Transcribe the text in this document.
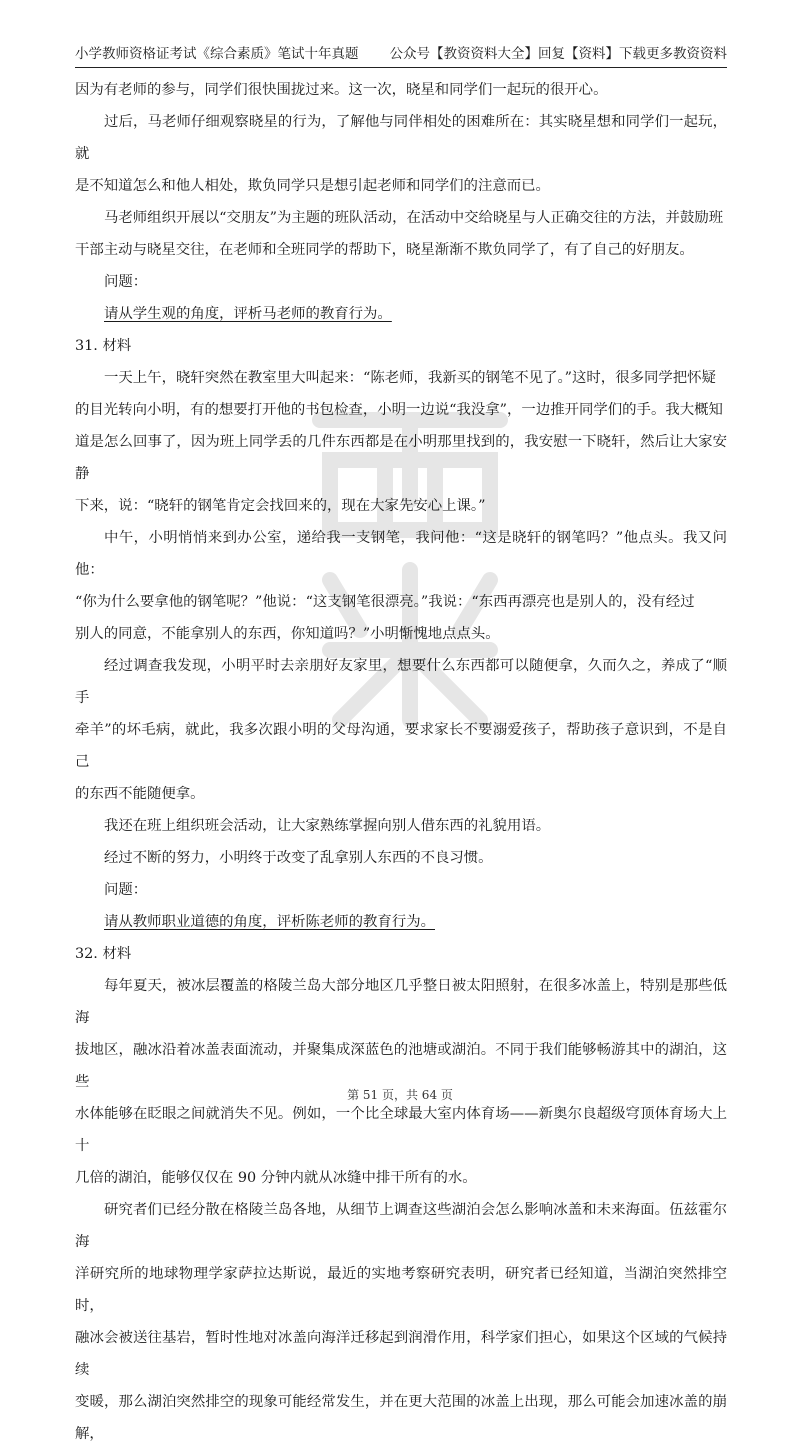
小学教师资格证考试《综合素质》笔试十年真题 公众号【教资资料大全】回复【资料】下载更多教资资料

因为有老师的参与，同学们很快围拢过来。这一次，晓星和同学们一起玩的很开心。

过后，马老师仔细观察晓星的行为，了解他与同伴相处的困难所在：其实晓星想和同学们一起玩，就

是不知道怎么和他人相处，欺负同学只是想引起老师和同学们的注意而已。

马老师组织开展以“交朋友”为主题的班队活动，在活动中交给晓星与人正确交往的方法，并鼓励班

干部主动与晓星交往，在老师和全班同学的帮助下，晓星渐渐不欺负同学了，有了自己的好朋友。

问题：

请从学生观的角度，评析马老师的教育行为。

31. 材料

一天上午，晓轩突然在教室里大叫起来：“陈老师，我新买的钢笔不见了。”这时，很多同学把怀疑

的目光转向小明，有的想要打开他的书包检查，小明一边说“我没拿”，一边推开同学们的手。我大概知

道是怎么回事了，因为班上同学丢的几件东西都是在小明那里找到的，我安慰一下晓轩，然后让大家安静

下来，说：“晓轩的钢笔肯定会找回来的，现在大家先安心上课。”

中午，小明悄悄来到办公室，递给我一支钢笔，我问他：“这是晓轩的钢笔吗？”他点头。我又问他：

“你为什么要拿他的钢笔呢？”他说：“这支钢笔很漂亮。”我说：“东西再漂亮也是别人的，没有经过

别人的同意，不能拿别人的东西，你知道吗？”小明惭愧地点点头。

经过调查我发现，小明平时去亲朋好友家里，想要什么东西都可以随便拿，久而久之，养成了“顺手

牵羊”的坏毛病，就此，我多次跟小明的父母沟通，要求家长不要溺爱孩子，帮助孩子意识到，不是自己

的东西不能随便拿。

我还在班上组织班会活动，让大家熟练掌握向别人借东西的礼貌用语。

经过不断的努力，小明终于改变了乱拿别人东西的不良习惯。

问题：

请从教师职业道德的角度，评析陈老师的教育行为。

32. 材料

每年夏天，被冰层覆盖的格陵兰岛大部分地区几乎整日被太阳照射，在很多冰盖上，特别是那些低海

拔地区，融冰沿着冰盖表面流动，并聚集成深蓝色的池塘或湖泊。不同于我们能够畅游其中的湖泊，这些

水体能够在眨眼之间就消失不见。例如，一个比全球最大室内体育场——新奥尔良超级穹顶体育场大上十

几倍的湖泊，能够仅仅在 90 分钟内就从冰缝中排干所有的水。

研究者们已经分散在格陵兰岛各地，从细节上调查这些湖泊会怎么影响冰盖和未来海面。伍兹霍尔海

洋研究所的地球物理学家萨拉达斯说，最近的实地考察研究表明，研究者已经知道，当湖泊突然排空时，

融冰会被送往基岩，暂时性地对冰盖向海洋迁移起到润滑作用，科学家们担心，如果这个区域的气候持续

变暖，那么湖泊突然排空的现象可能经常发生，并在更大范围的冰盖上出现，那么可能会加速冰盖的崩解，

第 51 页，共 64 页
